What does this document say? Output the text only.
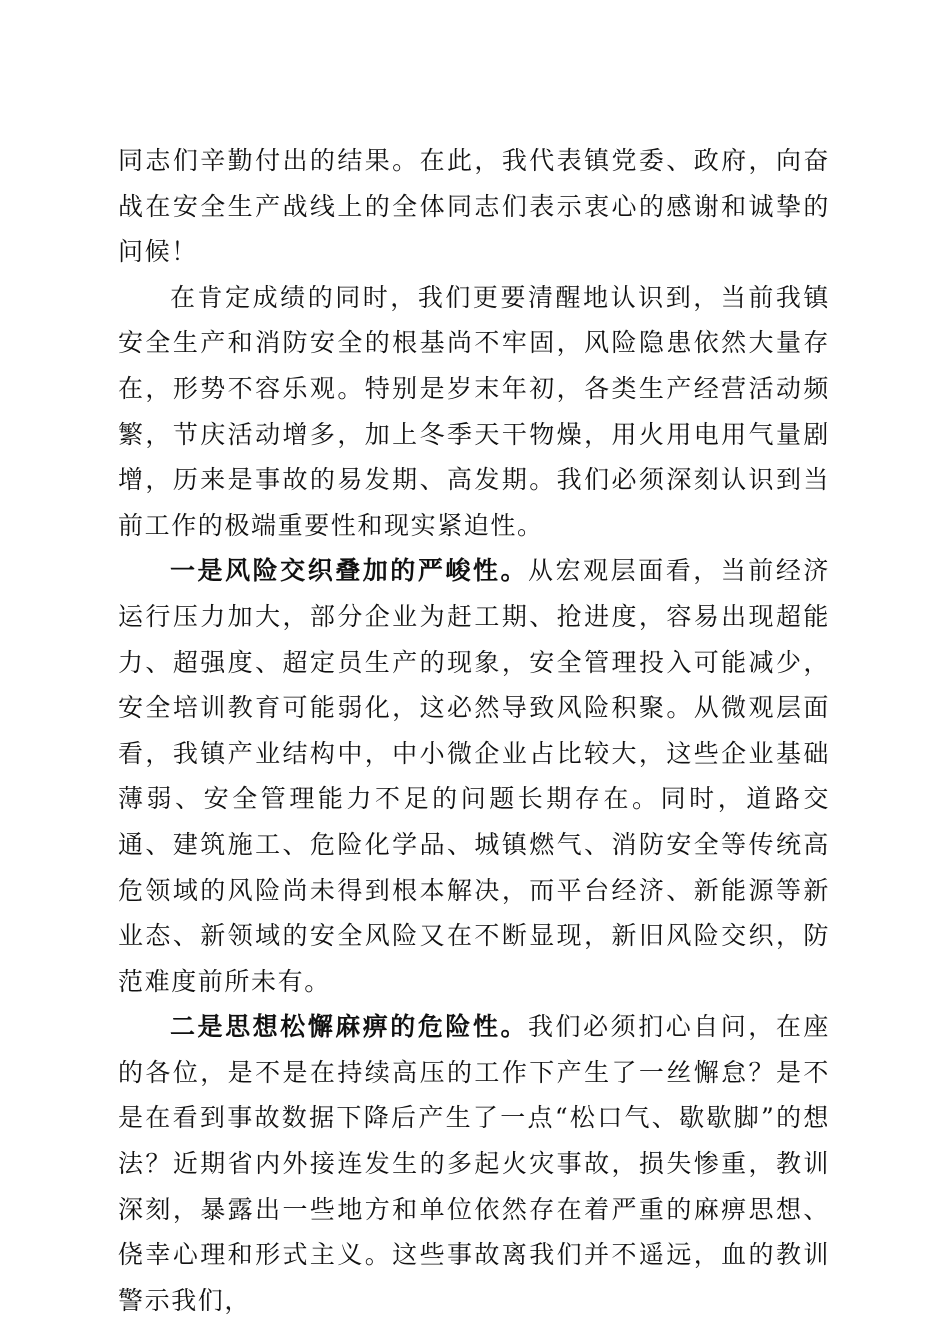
同志们辛勤付出的结果。在此，我代表镇党委、政府，向奋战在安全生产战线上的全体同志们表示衷心的感谢和诚挚的问候！

在肯定成绩的同时，我们更要清醒地认识到，当前我镇安全生产和消防安全的根基尚不牢固，风险隐患依然大量存在，形势不容乐观。特别是岁末年初，各类生产经营活动频繁，节庆活动增多，加上冬季天干物燥，用火用电用气量剧增，历来是事故的易发期、高发期。我们必须深刻认识到当前工作的极端重要性和现实紧迫性。

一是风险交织叠加的严峻性。从宏观层面看，当前经济运行压力加大，部分企业为赶工期、抢进度，容易出现超能力、超强度、超定员生产的现象，安全管理投入可能减少，安全培训教育可能弱化，这必然导致风险积聚。从微观层面看，我镇产业结构中，中小微企业占比较大，这些企业基础薄弱、安全管理能力不足的问题长期存在。同时，道路交通、建筑施工、危险化学品、城镇燃气、消防安全等传统高危领域的风险尚未得到根本解决，而平台经济、新能源等新业态、新领域的安全风险又在不断显现，新旧风险交织，防范难度前所未有。

二是思想松懈麻痹的危险性。我们必须扪心自问，在座的各位，是不是在持续高压的工作下产生了一丝懈怠？是不是在看到事故数据下降后产生了一点“松口气、歇歇脚”的想法？近期省内外接连发生的多起火灾事故，损失惨重，教训深刻，暴露出一些地方和单位依然存在着严重的麻痹思想、侥幸心理和形式主义。这些事故离我们并不遥远，血的教训警示我们，
